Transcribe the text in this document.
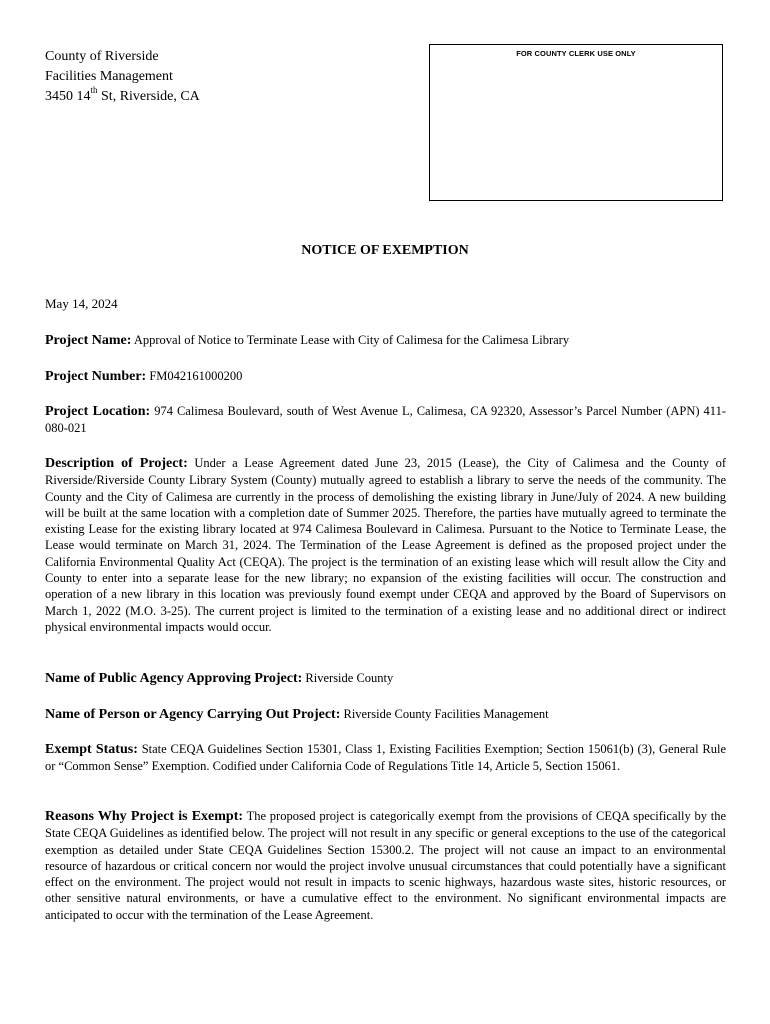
County of Riverside
Facilities Management
3450 14th St, Riverside, CA
FOR COUNTY CLERK USE ONLY
NOTICE OF EXEMPTION
May 14, 2024
Project Name: Approval of Notice to Terminate Lease with City of Calimesa for the Calimesa Library
Project Number: FM042161000200
Project Location: 974 Calimesa Boulevard, south of West Avenue L, Calimesa, CA 92320, Assessor’s Parcel Number (APN) 411-080-021
Description of Project: Under a Lease Agreement dated June 23, 2015 (Lease), the City of Calimesa and the County of Riverside/Riverside County Library System (County) mutually agreed to establish a library to serve the needs of the community. The County and the City of Calimesa are currently in the process of demolishing the existing library in June/July of 2024. A new building will be built at the same location with a completion date of Summer 2025. Therefore, the parties have mutually agreed to terminate the existing Lease for the existing library located at 974 Calimesa Boulevard in Calimesa. Pursuant to the Notice to Terminate Lease, the Lease would terminate on March 31, 2024. The Termination of the Lease Agreement is defined as the proposed project under the California Environmental Quality Act (CEQA). The project is the termination of an existing lease which will result allow the City and County to enter into a separate lease for the new library; no expansion of the existing facilities will occur. The construction and operation of a new library in this location was previously found exempt under CEQA and approved by the Board of Supervisors on March 1, 2022 (M.O. 3-25). The current project is limited to the termination of a existing lease and no additional direct or indirect physical environmental impacts would occur.
Name of Public Agency Approving Project: Riverside County
Name of Person or Agency Carrying Out Project: Riverside County Facilities Management
Exempt Status: State CEQA Guidelines Section 15301, Class 1, Existing Facilities Exemption; Section 15061(b) (3), General Rule or “Common Sense” Exemption. Codified under California Code of Regulations Title 14, Article 5, Section 15061.
Reasons Why Project is Exempt: The proposed project is categorically exempt from the provisions of CEQA specifically by the State CEQA Guidelines as identified below. The project will not result in any specific or general exceptions to the use of the categorical exemption as detailed under State CEQA Guidelines Section 15300.2. The project will not cause an impact to an environmental resource of hazardous or critical concern nor would the project involve unusual circumstances that could potentially have a significant effect on the environment. The project would not result in impacts to scenic highways, hazardous waste sites, historic resources, or other sensitive natural environments, or have a cumulative effect to the environment. No significant environmental impacts are anticipated to occur with the termination of the Lease Agreement.
